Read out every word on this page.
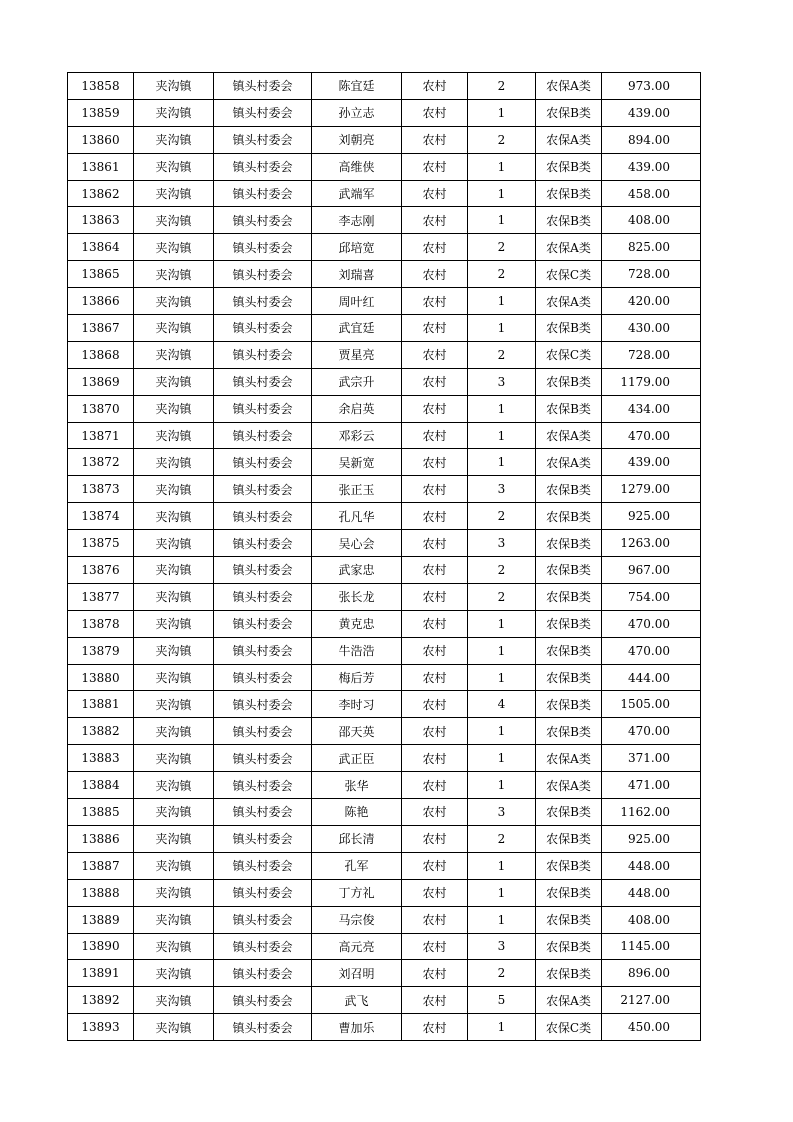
13858	夹沟镇	镇头村委会	陈宜廷	农村	2	农保A类	973.00
13859	夹沟镇	镇头村委会	孙立志	农村	1	农保B类	439.00
13860	夹沟镇	镇头村委会	刘朝亮	农村	2	农保A类	894.00
13861	夹沟镇	镇头村委会	高维侠	农村	1	农保B类	439.00
13862	夹沟镇	镇头村委会	武端军	农村	1	农保B类	458.00
13863	夹沟镇	镇头村委会	李志刚	农村	1	农保B类	408.00
13864	夹沟镇	镇头村委会	邱培宽	农村	2	农保A类	825.00
13865	夹沟镇	镇头村委会	刘瑞喜	农村	2	农保C类	728.00
13866	夹沟镇	镇头村委会	周叶红	农村	1	农保A类	420.00
13867	夹沟镇	镇头村委会	武宜廷	农村	1	农保B类	430.00
13868	夹沟镇	镇头村委会	贾星亮	农村	2	农保C类	728.00
13869	夹沟镇	镇头村委会	武宗升	农村	3	农保B类	1179.00
13870	夹沟镇	镇头村委会	余启英	农村	1	农保B类	434.00
13871	夹沟镇	镇头村委会	邓彩云	农村	1	农保A类	470.00
13872	夹沟镇	镇头村委会	吴新宽	农村	1	农保A类	439.00
13873	夹沟镇	镇头村委会	张正玉	农村	3	农保B类	1279.00
13874	夹沟镇	镇头村委会	孔凡华	农村	2	农保B类	925.00
13875	夹沟镇	镇头村委会	吴心会	农村	3	农保B类	1263.00
13876	夹沟镇	镇头村委会	武家忠	农村	2	农保B类	967.00
13877	夹沟镇	镇头村委会	张长龙	农村	2	农保B类	754.00
13878	夹沟镇	镇头村委会	黄克忠	农村	1	农保B类	470.00
13879	夹沟镇	镇头村委会	牛浩浩	农村	1	农保B类	470.00
13880	夹沟镇	镇头村委会	梅后芳	农村	1	农保B类	444.00
13881	夹沟镇	镇头村委会	李时习	农村	4	农保B类	1505.00
13882	夹沟镇	镇头村委会	邵天英	农村	1	农保B类	470.00
13883	夹沟镇	镇头村委会	武正臣	农村	1	农保A类	371.00
13884	夹沟镇	镇头村委会	张华	农村	1	农保A类	471.00
13885	夹沟镇	镇头村委会	陈艳	农村	3	农保B类	1162.00
13886	夹沟镇	镇头村委会	邱长清	农村	2	农保B类	925.00
13887	夹沟镇	镇头村委会	孔军	农村	1	农保B类	448.00
13888	夹沟镇	镇头村委会	丁方礼	农村	1	农保B类	448.00
13889	夹沟镇	镇头村委会	马宗俊	农村	1	农保B类	408.00
13890	夹沟镇	镇头村委会	高元亮	农村	3	农保B类	1145.00
13891	夹沟镇	镇头村委会	刘召明	农村	2	农保B类	896.00
13892	夹沟镇	镇头村委会	武飞	农村	5	农保A类	2127.00
13893	夹沟镇	镇头村委会	曹加乐	农村	1	农保C类	450.00
